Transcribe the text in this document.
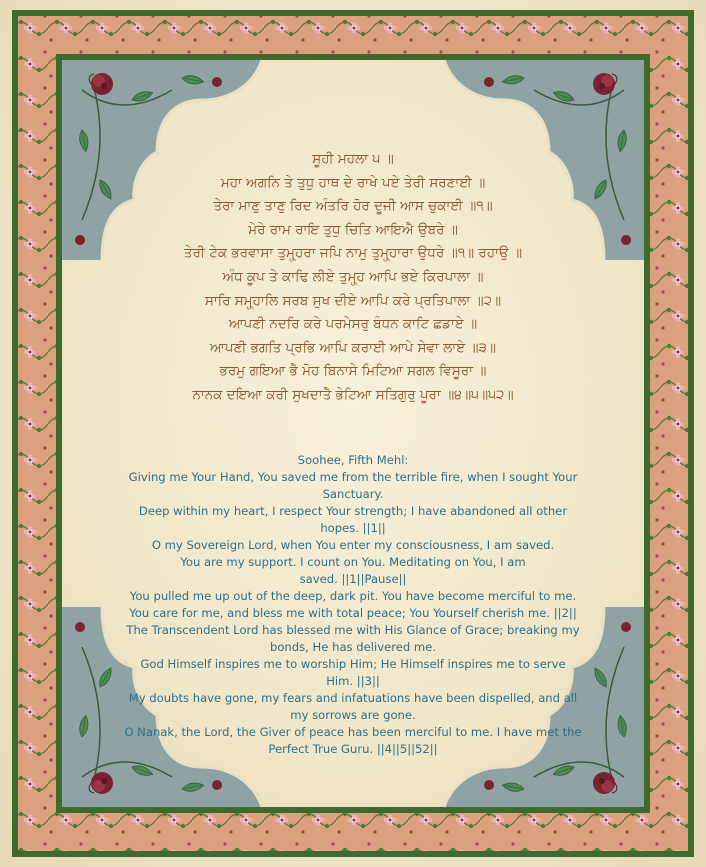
ਸੂਹੀ ਮਹਲਾ ੫ ॥
ਮਹਾ ਅਗਨਿ ਤੇ ਤੁਧੁ ਹਾਥ ਦੇ ਰਾਖੇ ਪਏ ਤੇਰੀ ਸਰਣਾਈ ॥
ਤੇਰਾ ਮਾਣੁ ਤਾਣੁ ਰਿਦ ਅੰਤਰਿ ਹੋਰ ਦੂਜੀ ਆਸ ਚੁਕਾਈ ॥੧॥
ਮੇਰੇ ਰਾਮ ਰਾਇ ਤੁਧੁ ਚਿਤਿ ਆਇਐ ਉਬਰੇ ॥
ਤੇਰੀ ਟੇਕ ਭਰਵਾਸਾ ਤੁਮ੍ਹ੍ਹਰਾ ਜਪਿ ਨਾਮੁ ਤੁਮ੍ਹ੍ਹਾਰਾ ਉਧਰੇ ॥੧॥ ਰਹਾਉ ॥
ਅੰਧ ਕੂਪ ਤੇ ਕਾਢਿ ਲੀਏ ਤੁਮ੍ਹ੍ਹ ਆਪਿ ਭਏ ਕਿਰਪਾਲਾ ॥
ਸਾਰਿ ਸਮ੍ਹ੍ਹਾਲਿ ਸਰਬ ਸੁਖ ਦੀਏ ਆਪਿ ਕਰੇ ਪ੍ਰਤਿਪਾਲਾ ॥੨॥
ਆਪਣੀ ਨਦਰਿ ਕਰੇ ਪਰਮੇਸਰੁ ਬੰਧਨ ਕਾਟਿ ਛਡਾਏ ॥
ਆਪਣੀ ਭਗਤਿ ਪ੍ਰਭਿ ਆਪਿ ਕਰਾਈ ਆਪੇ ਸੇਵਾ ਲਾਏ ॥੩॥
ਭਰਮੁ ਗਇਆ ਭੈ ਮੋਹ ਬਿਨਾਸੇ ਮਿਟਿਆ ਸਗਲ ਵਿਸੂਰਾ ॥
ਨਾਨਕ ਦਇਆ ਕਰੀ ਸੁਖਦਾਤੈ ਭੇਟਿਆ ਸਤਿਗੁਰੁ ਪੂਰਾ ॥੪॥੫॥੫੨॥
Soohee, Fifth Mehl:
Giving me Your Hand, You saved me from the terrible fire, when I sought Your
Sanctuary.
Deep within my heart, I respect Your strength; I have abandoned all other
hopes. ||1||
O my Sovereign Lord, when You enter my consciousness, I am saved.
You are my support. I count on You. Meditating on You, I am
saved. ||1||Pause||
You pulled me up out of the deep, dark pit. You have become merciful to me.
You care for me, and bless me with total peace; You Yourself cherish me. ||2||
The Transcendent Lord has blessed me with His Glance of Grace; breaking my
bonds, He has delivered me.
God Himself inspires me to worship Him; He Himself inspires me to serve
Him. ||3||
My doubts have gone, my fears and infatuations have been dispelled, and all
my sorrows are gone.
O Nanak, the Lord, the Giver of peace has been merciful to me. I have met the
Perfect True Guru. ||4||5||52||
